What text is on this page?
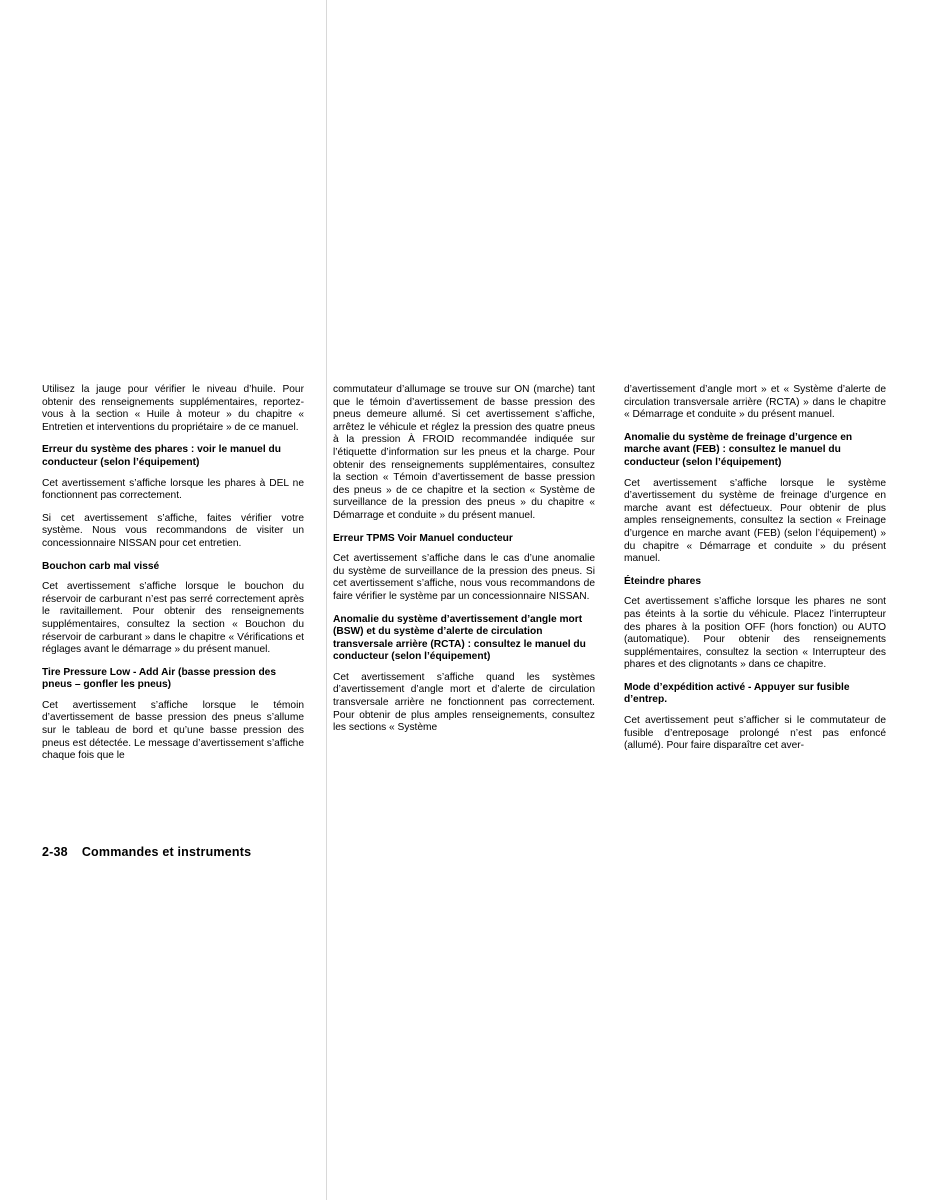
Utilisez la jauge pour vérifier le niveau d’huile. Pour obtenir des renseignements supplémentaires, reportez-vous à la section « Huile à moteur » du chapitre « Entretien et interventions du propriétaire » de ce manuel.

Erreur du système des phares : voir le manuel du conducteur (selon l’équipement)

Cet avertissement s’affiche lorsque les phares à DEL ne fonctionnent pas correctement.

Si cet avertissement s’affiche, faites vérifier votre système. Nous vous recommandons de visiter un concessionnaire NISSAN pour cet entretien.

Bouchon carb mal vissé

Cet avertissement s’affiche lorsque le bouchon du réservoir de carburant n’est pas serré correctement après le ravitaillement. Pour obtenir des renseignements supplémentaires, consultez la section « Bouchon du réservoir de carburant » dans le chapitre « Vérifications et réglages avant le démarrage » du présent manuel.

Tire Pressure Low - Add Air (basse pression des pneus – gonfler les pneus)

Cet avertissement s’affiche lorsque le témoin d’avertissement de basse pression des pneus s’allume sur le tableau de bord et qu’une basse pression des pneus est détectée. Le message d’avertissement s’affiche chaque fois que le

commutateur d’allumage se trouve sur ON (marche) tant que le témoin d’avertissement de basse pression des pneus demeure allumé. Si cet avertissement s’affiche, arrêtez le véhicule et réglez la pression des quatre pneus à la pression À FROID recommandée indiquée sur l’étiquette d’information sur les pneus et la charge. Pour obtenir des renseignements supplémentaires, consultez la section « Témoin d’avertissement de basse pression des pneus » de ce chapitre et la section « Système de surveillance de la pression des pneus » du chapitre « Démarrage et conduite » du présent manuel.

Erreur TPMS Voir Manuel conducteur

Cet avertissement s’affiche dans le cas d’une anomalie du système de surveillance de la pression des pneus. Si cet avertissement s’affiche, nous vous recommandons de faire vérifier le système par un concessionnaire NISSAN.

Anomalie du système d’avertissement d’angle mort (BSW) et du système d’alerte de circulation transversale arrière (RCTA) : consultez le manuel du conducteur (selon l’équipement)

Cet avertissement s’affiche quand les systèmes d’avertissement d’angle mort et d’alerte de circulation transversale arrière ne fonctionnent pas correctement. Pour obtenir de plus amples renseignements, consultez les sections « Système

d’avertissement d’angle mort » et « Système d’alerte de circulation transversale arrière (RCTA) » dans le chapitre « Démarrage et conduite » du présent manuel.

Anomalie du système de freinage d’urgence en marche avant (FEB) : consultez le manuel du conducteur (selon l’équipement)

Cet avertissement s’affiche lorsque le système d’avertissement du système de freinage d’urgence en marche avant est défectueux. Pour obtenir de plus amples renseignements, consultez la section « Freinage d’urgence en marche avant (FEB) (selon l’équipement) » du chapitre « Démarrage et conduite » du présent manuel.

Éteindre phares

Cet avertissement s’affiche lorsque les phares ne sont pas éteints à la sortie du véhicule. Placez l’interrupteur des phares à la position OFF (hors fonction) ou AUTO (automatique). Pour obtenir des renseignements supplémentaires, consultez la section « Interrupteur des phares et des clignotants » dans ce chapitre.

Mode d’expédition activé - Appuyer sur fusible d’entrep.

Cet avertissement peut s’afficher si le commutateur de fusible d’entreposage prolongé n’est pas enfoncé (allumé). Pour faire disparaître cet aver-

2-38 Commandes et instruments
